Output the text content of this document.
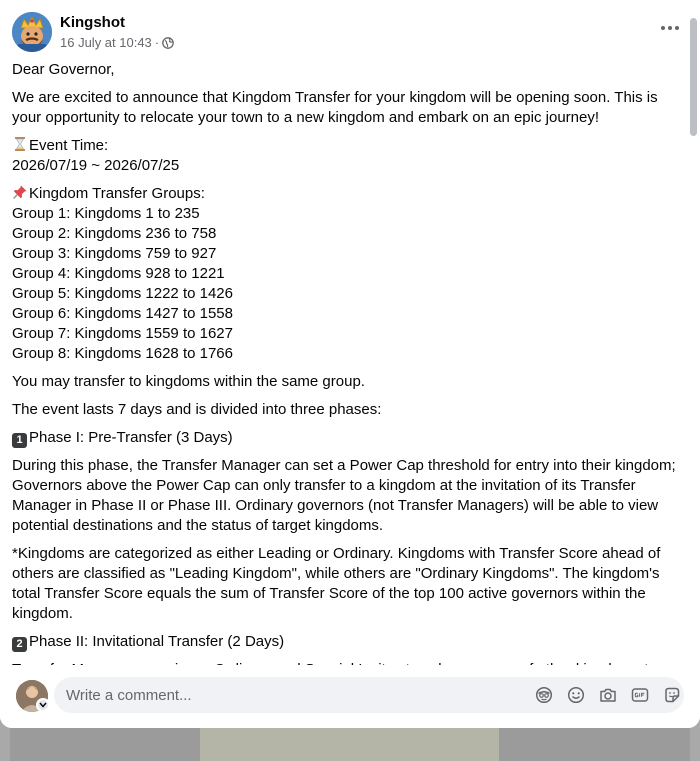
Kingshot
16 July at 10:43 ·

Dear Governor,

We are excited to announce that Kingdom Transfer for your kingdom will be opening soon. This is your opportunity to relocate your town to a new kingdom and embark on an epic journey!

Event Time:
2026/07/19 ~ 2026/07/25
Kingdom Transfer Groups:
Group 1: Kingdoms 1 to 235
Group 2: Kingdoms 236 to 758
Group 3: Kingdoms 759 to 927
Group 4: Kingdoms 928 to 1221
Group 5: Kingdoms 1222 to 1426
Group 6: Kingdoms 1427 to 1558
Group 7: Kingdoms 1559 to 1627
Group 8: Kingdoms 1628 to 1766

You may transfer to kingdoms within the same group.

The event lasts 7 days and is divided into three phases:

1 Phase I: Pre-Transfer (3 Days)

During this phase, the Transfer Manager can set a Power Cap threshold for entry into their kingdom; Governors above the Power Cap can only transfer to a kingdom at the invitation of its Transfer Manager in Phase II or Phase III. Ordinary governors (not Transfer Managers) will be able to view potential destinations and the status of target kingdoms.

*Kingdoms are categorized as either Leading or Ordinary. Kingdoms with Transfer Score ahead of others are classified as "Leading Kingdom", while others are "Ordinary Kingdoms". The kingdom's total Transfer Score equals the sum of Transfer Score of the top 100 active governors within the kingdom.

2 Phase II: Invitational Transfer (2 Days)

Write a comment...
